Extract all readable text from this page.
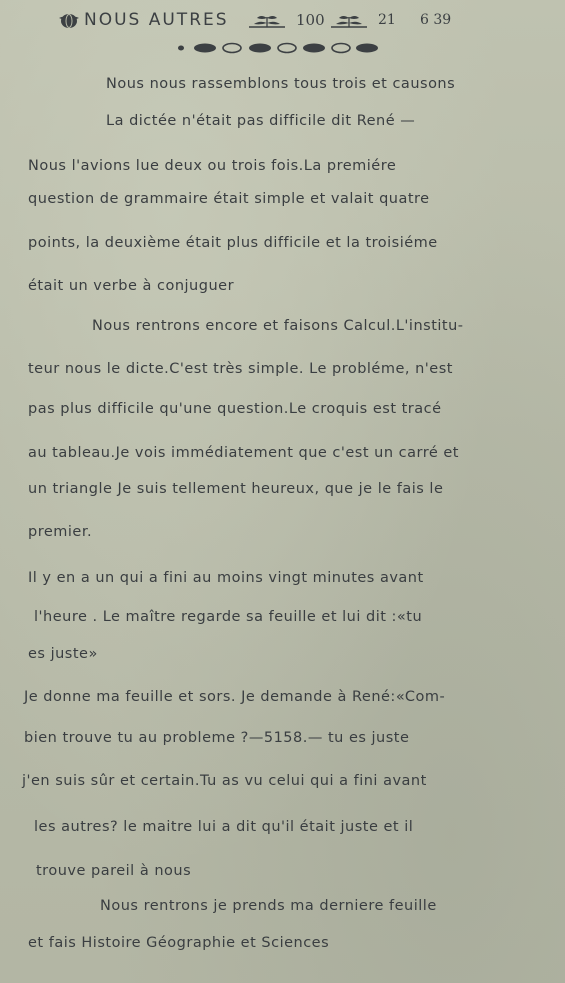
NOUS AUTRES	100	21 6 39
Nous nous rassemblons tous trois et causons
La dictée n'était pas difficile dit René —
Nous l'avions lue deux ou trois fois.La premiére
question de grammaire était simple et valait quatre
points, la deuxième était plus difficile et la troisiéme
était un verbe à conjuguer
Nous rentrons encore et faisons Calcul.L'institu-
teur nous le dicte.C'est très simple. Le probléme, n'est
pas plus difficile qu'une question.Le croquis est tracé
au tableau.Je vois immédiatement que c'est un carré et
un triangle Je suis tellement heureux, que je le fais le
premier.
Il y en a un qui a fini au moins vingt minutes avant
l'heure . Le maître regarde sa feuille et lui dit :«tu
es juste»
Je donne ma feuille et sors. Je demande à René:«Com-
bien trouve tu au probleme ?—5158.— tu es juste
j'en suis sûr et certain.Tu as vu celui qui a fini avant
les autres? le maitre lui a dit qu'il était juste et il
trouve pareil à nous
Nous rentrons je prends ma derniere feuille
et fais Histoire Géographie et Sciences
